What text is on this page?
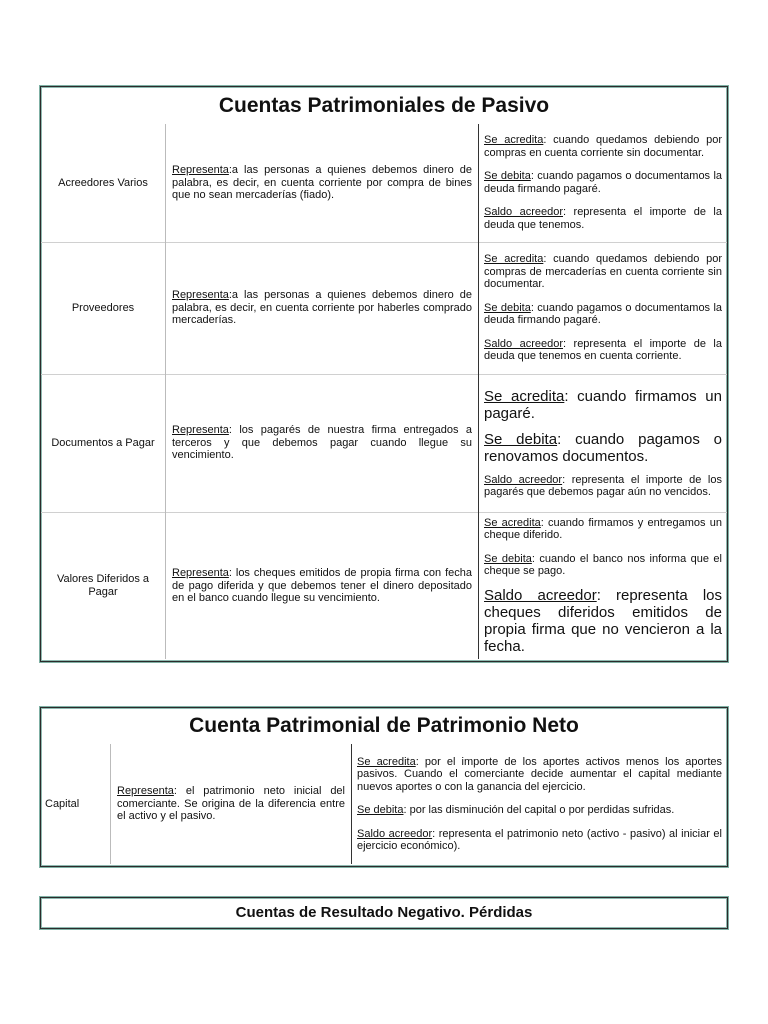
Cuentas Patrimoniales de Pasivo
Acreedores Varios	Representa:a las personas a quienes debemos dinero de palabra, es decir, en cuenta corriente por compra de bines que no sean mercaderías (fiado).	Se acredita: cuando quedamos debiendo por compras en cuenta corriente sin documentar.

Se debita: cuando pagamos o documentamos la deuda firmando pagaré.

Saldo acreedor: representa el importe de la deuda que tenemos.

Proveedores	Representa:a las personas a quienes debemos dinero de palabra, es decir, en cuenta corriente por haberles comprado mercaderías.	Se acredita: cuando quedamos debiendo por compras de mercaderías en cuenta corriente sin documentar.

Se debita: cuando pagamos o documentamos la deuda firmando pagaré.

Saldo acreedor: representa el importe de la deuda que tenemos en cuenta corriente.

Documentos a Pagar	Representa: los pagarés de nuestra firma entregados a terceros y que debemos pagar cuando llegue su vencimiento.	Se acredita: cuando firmamos un pagaré.

Se debita: cuando pagamos o renovamos documentos.

Saldo acreedor: representa el importe de los pagarés que debemos pagar aún no vencidos.

Valores Diferidos a Pagar	Representa: los cheques emitidos de propia firma con fecha de pago diferida y que debemos tener el dinero depositado en el banco cuando llegue su vencimiento.	Se acredita: cuando firmamos y entregamos un cheque diferido.

Se debita: cuando el banco nos informa que el cheque se pago.

Saldo acreedor: representa los cheques diferidos emitidos de propia firma que no vencieron a la fecha.

Cuenta Patrimonial de Patrimonio Neto
Capital	Representa: el patrimonio neto inicial del comerciante. Se origina de la diferencia entre el activo y el pasivo.	

Se acredita: por el importe de los aportes activos menos los aportes pasivos. Cuando el comerciante decide aumentar el capital mediante nuevos aportes o con la ganancia del ejercicio.

Se debita: por las disminución del capital o por perdidas sufridas.

Saldo acreedor: representa el patrimonio neto (activo - pasivo) al iniciar el ejercicio económico).

Cuentas de Resultado Negativo. Pérdidas
